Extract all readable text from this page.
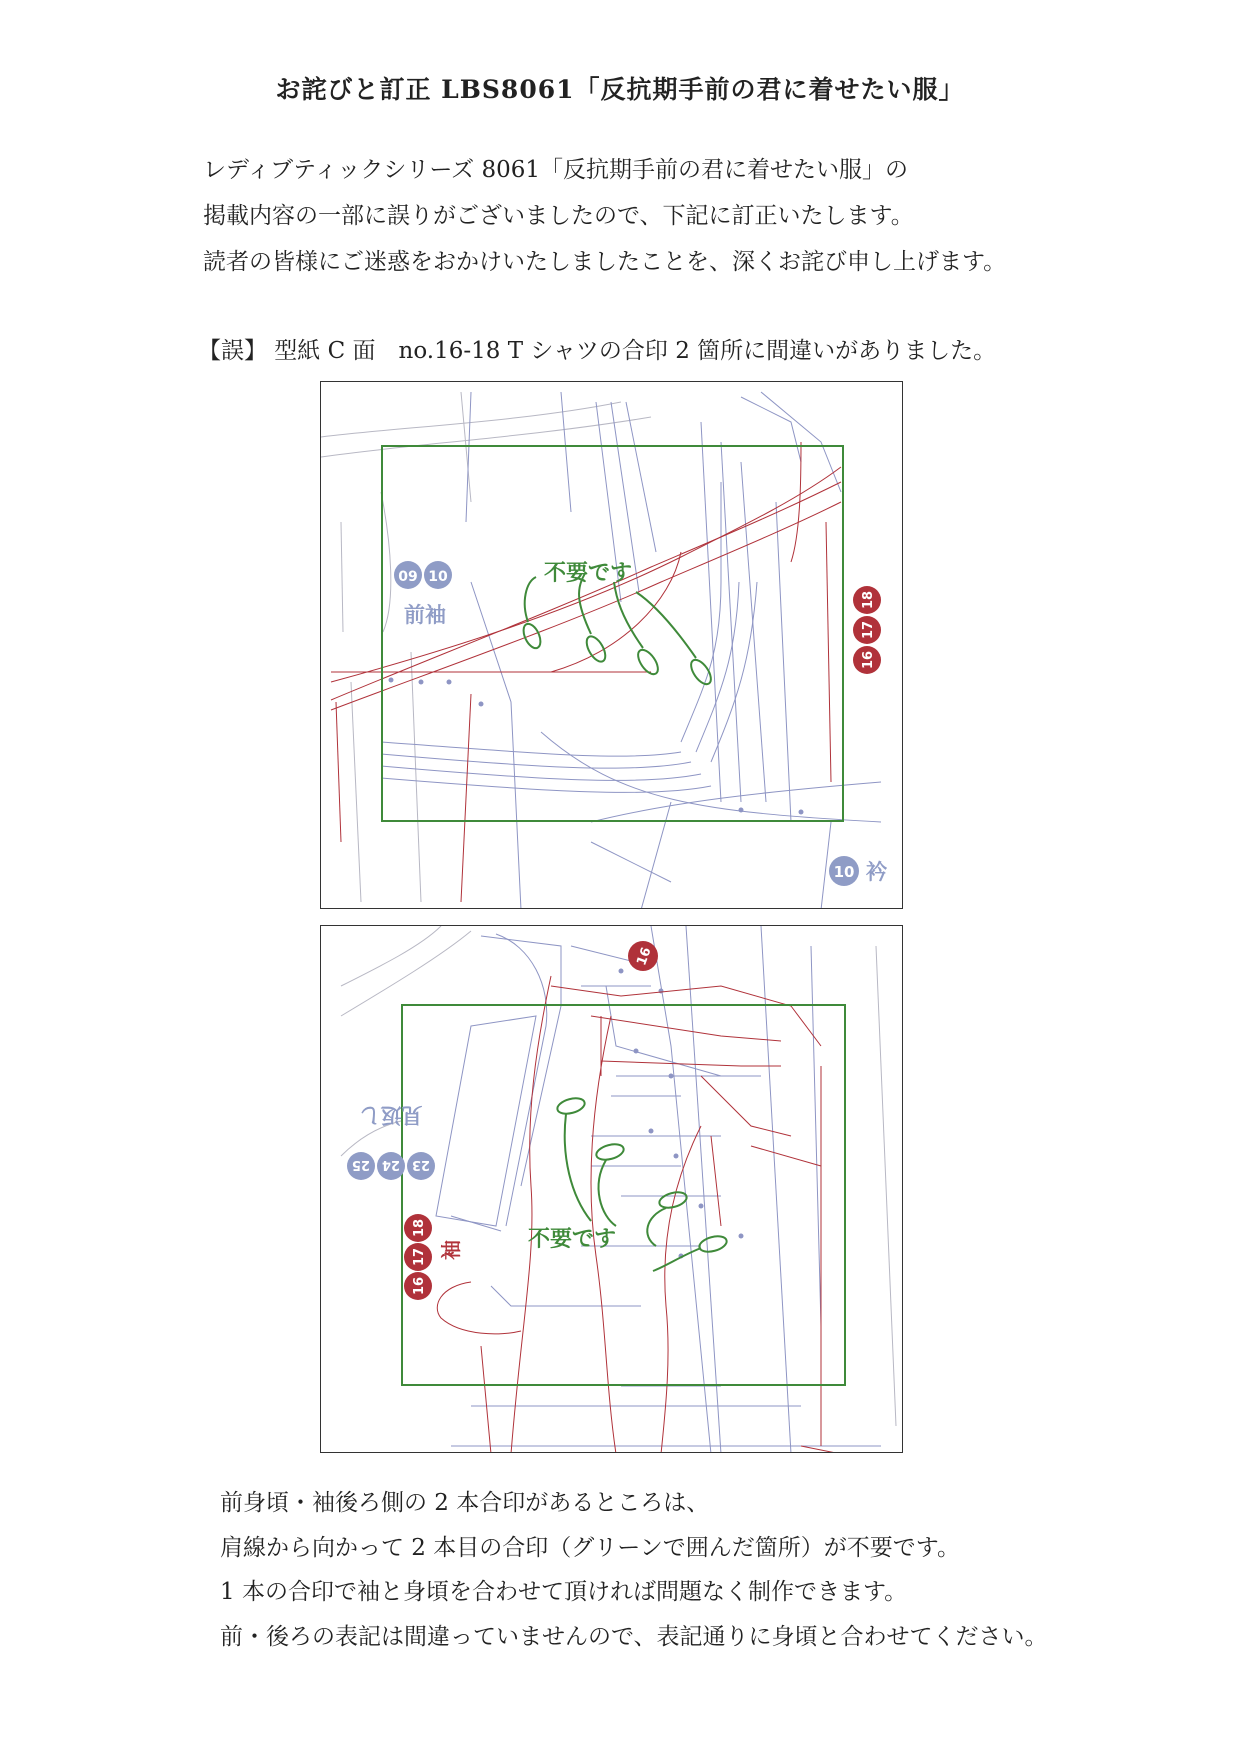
お詫びと訂正 LBS8061「反抗期手前の君に着せたい服」

レディブティックシリーズ 8061「反抗期手前の君に着せたい服」の

掲載内容の一部に誤りがございましたので、下記に訂正いたします。

読者の皆様にご迷惑をおかけいたしましたことを、深くお詫び申し上げます。

【誤】 型紙 C 面　no.16-18 T シャツの合印 2 箇所に間違いがありました。
不要です
09 10
前袖
18
17
16
10 衿
不要です
16
23
24
25
見返し
18
17
16
袖

前身頃・袖後ろ側の 2 本合印があるところは、

肩線から向かって 2 本目の合印（グリーンで囲んだ箇所）が不要です。

1 本の合印で袖と身頃を合わせて頂ければ問題なく制作できます。

前・後ろの表記は間違っていませんので、表記通りに身頃と合わせてください。
